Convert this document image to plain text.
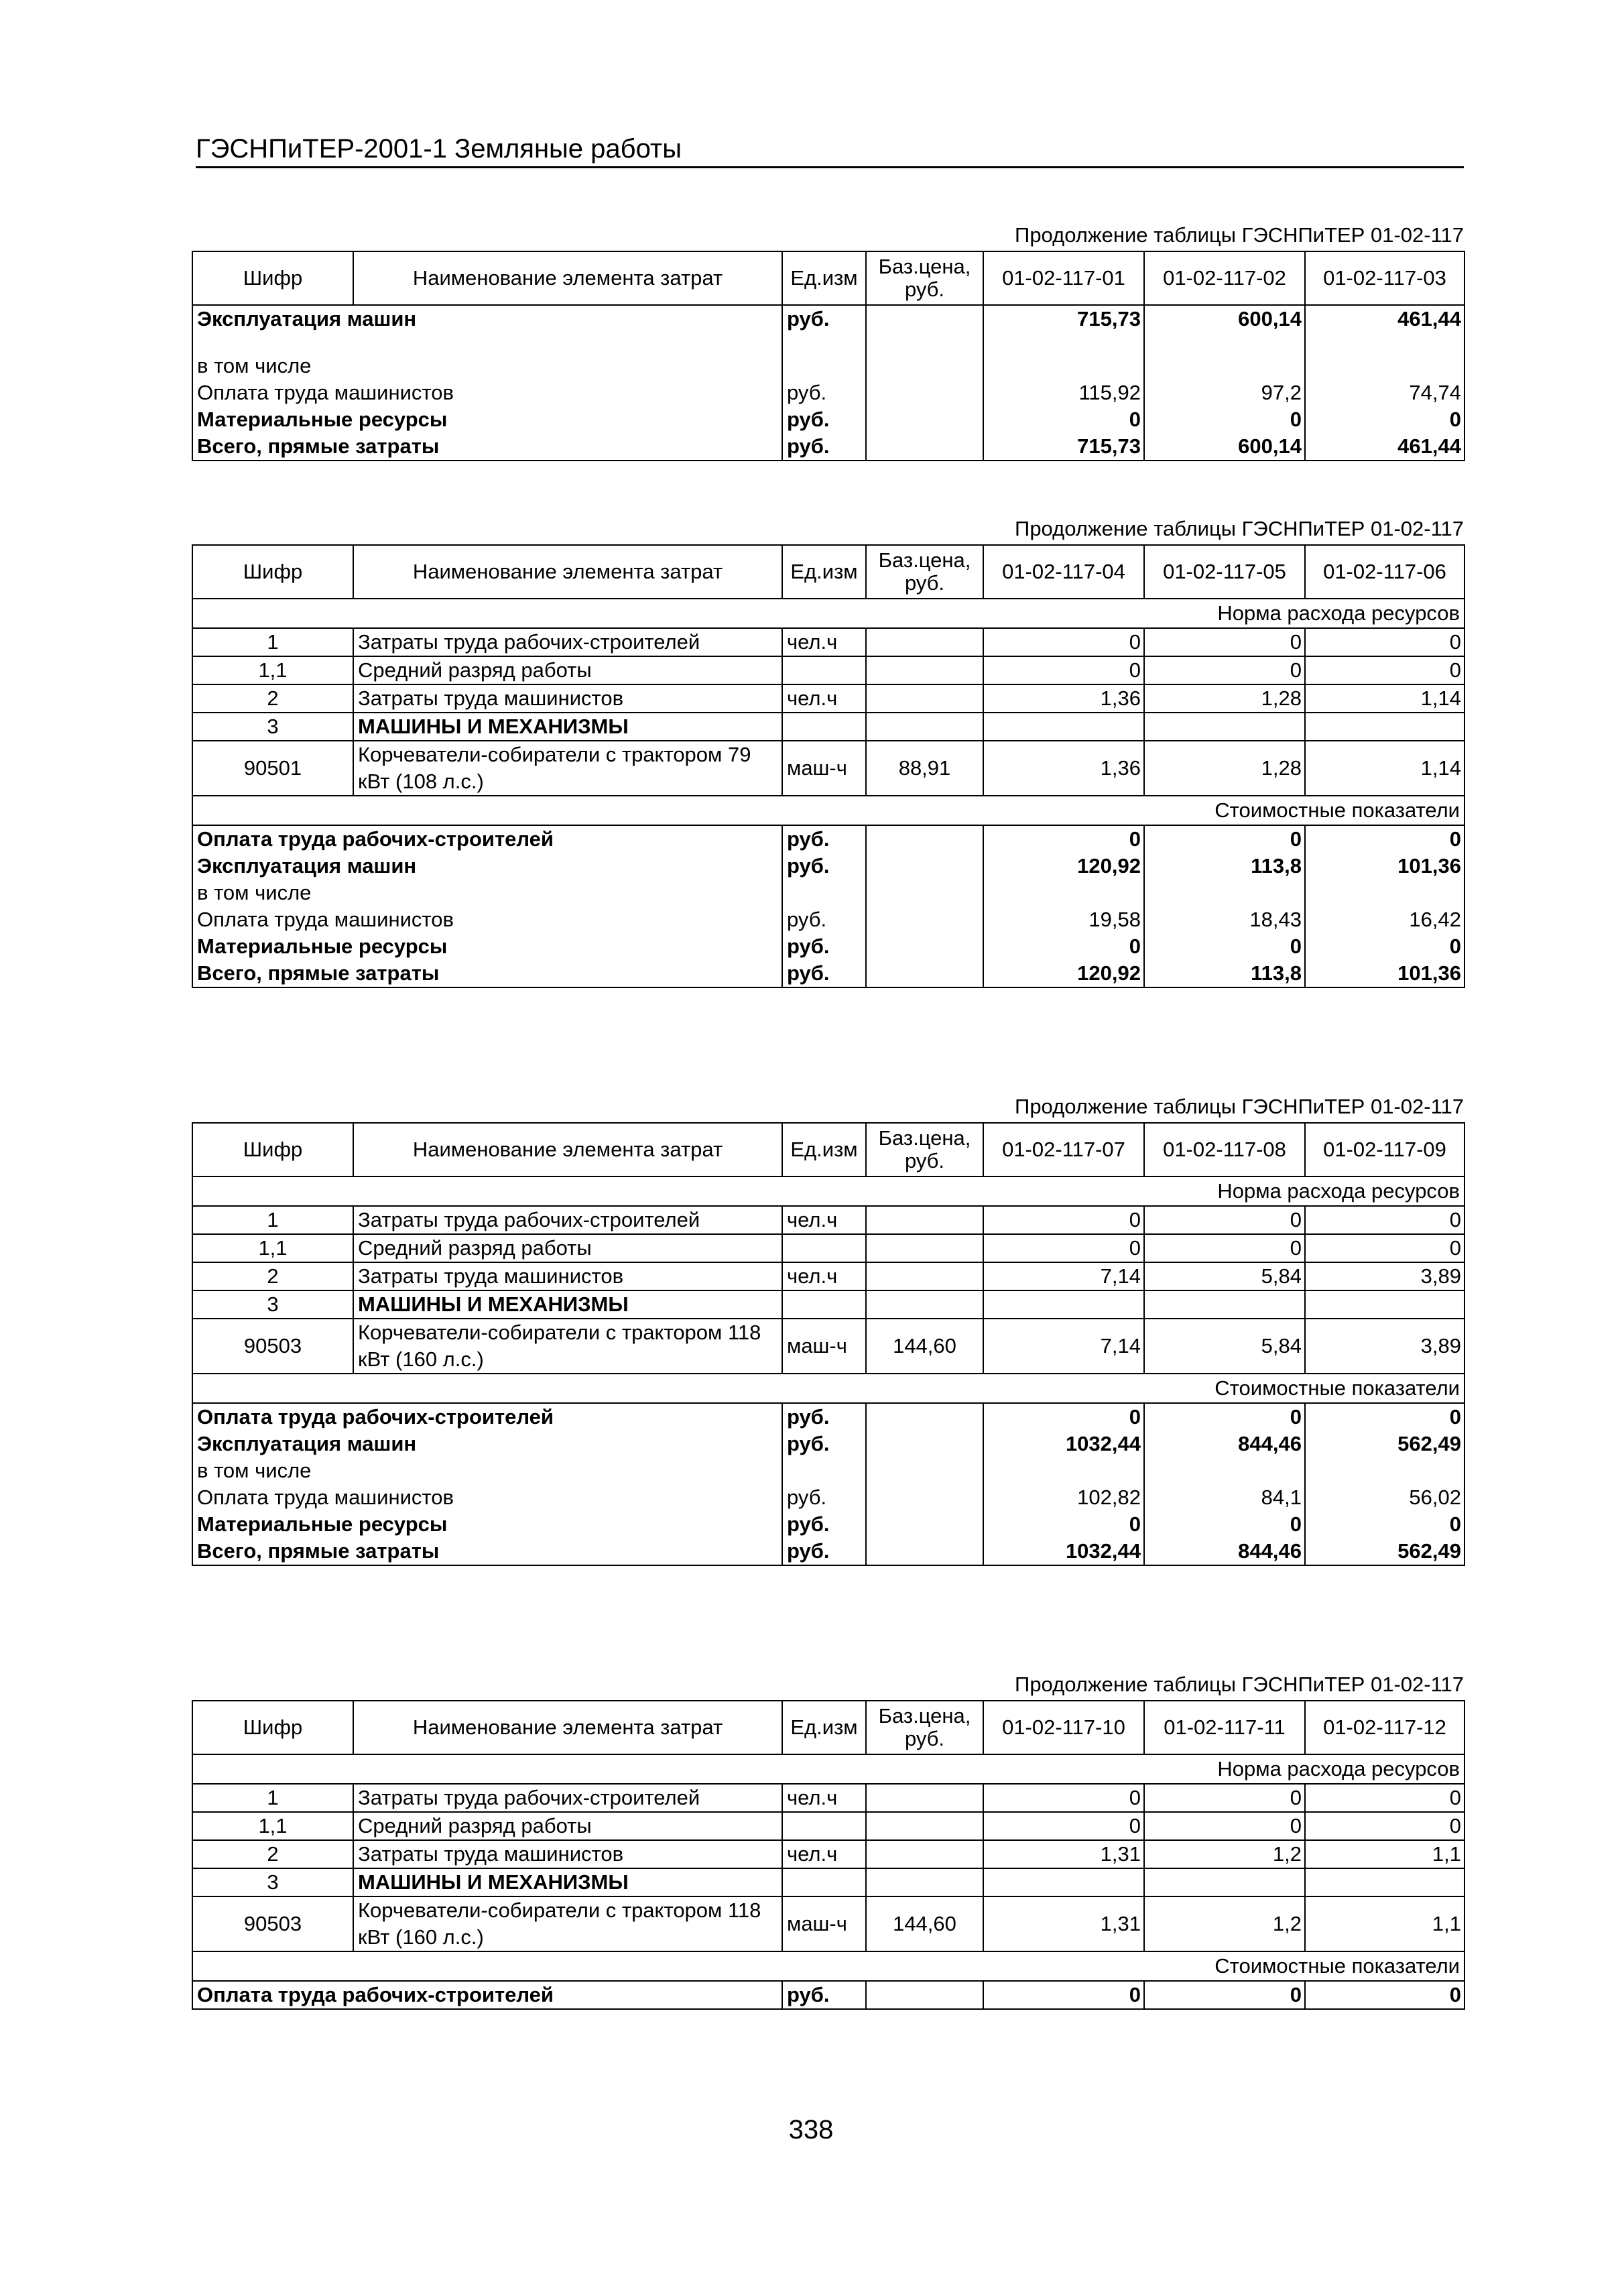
ГЭСНПиТЕР-2001-1 Земляные работы
Продолжение таблицы ГЭСНПиТЕР 01-02-117
Шифр	Наименование элемента затрат	Ед.изм	Баз.цена, руб.	01-02-117-01	01-02-117-02	01-02-117-03
Эксплуатация машин		руб.		715,73	600,14	461,44

в том числе						
Оплата труда машинистов		руб.		115,92	97,2	74,74
Материальные ресурсы		руб.		0	0	0
Всего, прямые затраты		руб.		715,73	600,14	461,44
Продолжение таблицы ГЭСНПиТЕР 01-02-117
Шифр	Наименование элемента затрат	Ед.изм	Баз.цена, руб.	01-02-117-04	01-02-117-05	01-02-117-06
Норма расхода ресурсов						
1	Затраты труда рабочих-строителей	чел.ч		0	0	0
1,1	Средний разряд работы			0	0	0
2	Затраты труда машинистов	чел.ч		1,36	1,28	1,14
3	МАШИНЫ И МЕХАНИЗМЫ					
90501	Корчеватели-собиратели с трактором 79 кВт (108 л.с.)	маш-ч	88,91	1,36	1,28	1,14
Стоимостные показатели						
Оплата труда рабочих-строителей		руб.		0	0	0
Эксплуатация машин		руб.		120,92	113,8	101,36
в том числе						
Оплата труда машинистов		руб.		19,58	18,43	16,42
Материальные ресурсы		руб.		0	0	0
Всего, прямые затраты		руб.		120,92	113,8	101,36
Продолжение таблицы ГЭСНПиТЕР 01-02-117
Шифр	Наименование элемента затрат	Ед.изм	Баз.цена, руб.	01-02-117-07	01-02-117-08	01-02-117-09
Норма расхода ресурсов						
1	Затраты труда рабочих-строителей	чел.ч		0	0	0
1,1	Средний разряд работы			0	0	0
2	Затраты труда машинистов	чел.ч		7,14	5,84	3,89
3	МАШИНЫ И МЕХАНИЗМЫ					
90503	Корчеватели-собиратели с трактором 118 кВт (160 л.с.)	маш-ч	144,60	7,14	5,84	3,89
Стоимостные показатели						
Оплата труда рабочих-строителей		руб.		0	0	0
Эксплуатация машин		руб.		1032,44	844,46	562,49
в том числе						
Оплата труда машинистов		руб.		102,82	84,1	56,02
Материальные ресурсы		руб.		0	0	0
Всего, прямые затраты		руб.		1032,44	844,46	562,49
Продолжение таблицы ГЭСНПиТЕР 01-02-117
Шифр	Наименование элемента затрат	Ед.изм	Баз.цена, руб.	01-02-117-10	01-02-117-11	01-02-117-12
Норма расхода ресурсов						
1	Затраты труда рабочих-строителей	чел.ч		0	0	0
1,1	Средний разряд работы			0	0	0
2	Затраты труда машинистов	чел.ч		1,31	1,2	1,1
3	МАШИНЫ И МЕХАНИЗМЫ					
90503	Корчеватели-собиратели с трактором 118 кВт (160 л.с.)	маш-ч	144,60	1,31	1,2	1,1
Стоимостные показатели						
Оплата труда рабочих-строителей		руб.		0	0	0
338
